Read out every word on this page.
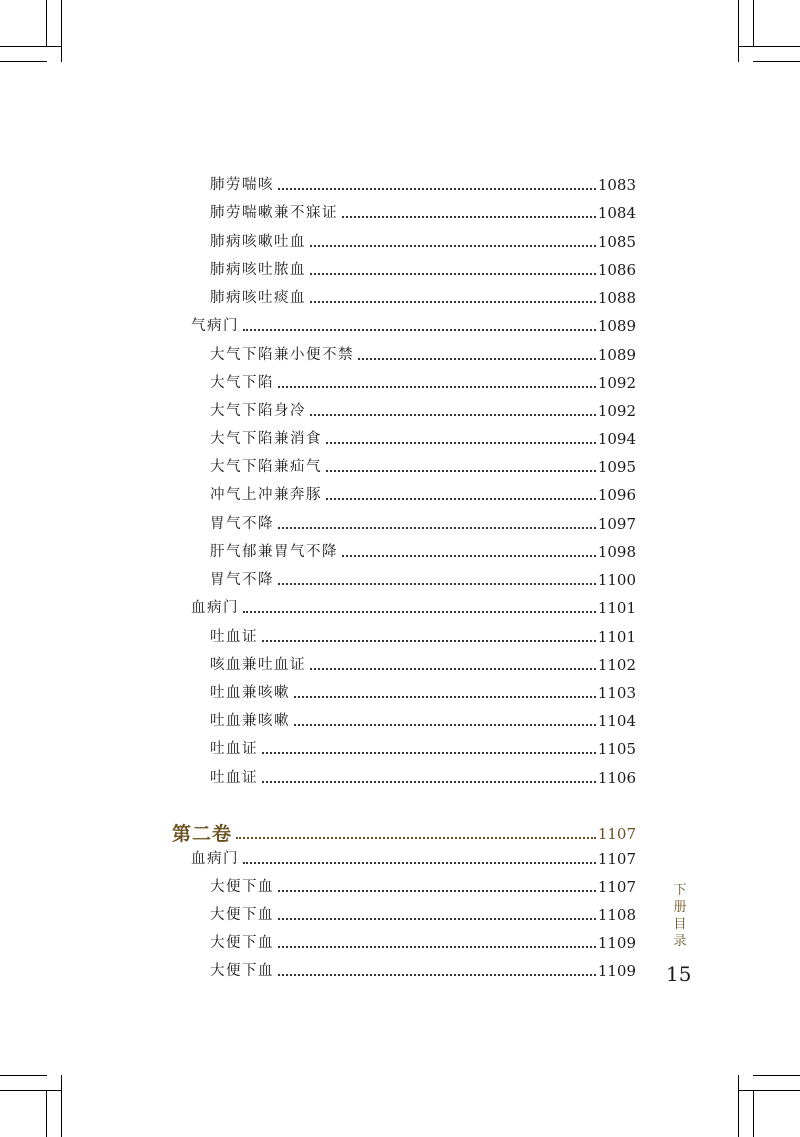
肺劳喘咳	1083
肺劳喘嗽兼不寐证	1084
肺病咳嗽吐血	1085
肺病咳吐脓血	1086
肺病咳吐痰血	1088
气病门	1089
大气下陷兼小便不禁	1089
大气下陷	1092
大气下陷身冷	1092
大气下陷兼消食	1094
大气下陷兼疝气	1095
冲气上冲兼奔豚	1096
胃气不降	1097
肝气郁兼胃气不降	1098
胃气不降	1100
血病门	1101
吐血证	1101
咳血兼吐血证	1102
吐血兼咳嗽	1103
吐血兼咳嗽	1104
吐血证	1105
吐血证	1106
第二卷	1107
血病门	1107
大便下血	1107
大便下血	1108
大便下血	1109
大便下血	1109
下册目录
15
